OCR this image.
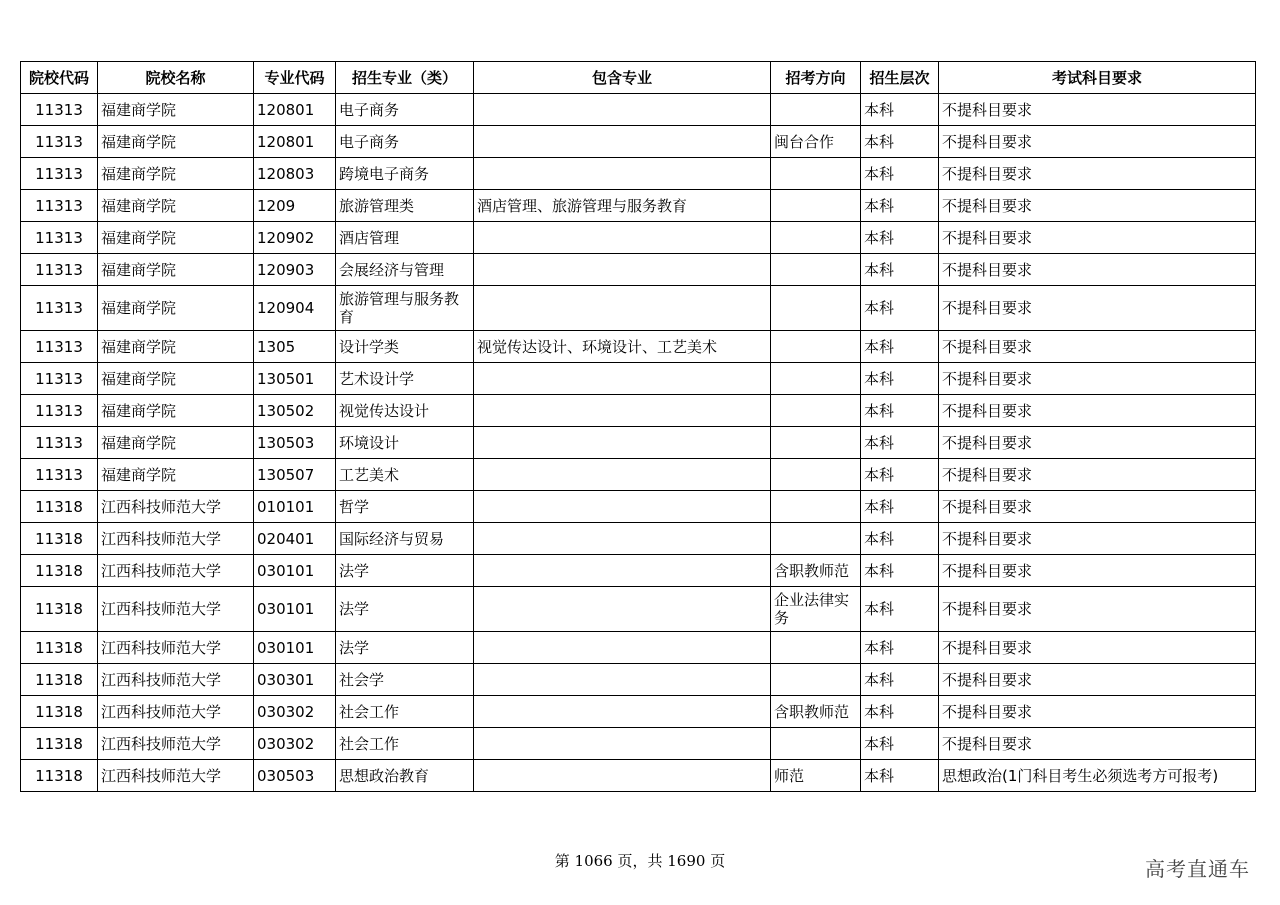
院校代码	院校名称	专业代码	招生专业（类）	包含专业	招考方向	招生层次	考试科目要求
11313	福建商学院	120801	电子商务			本科	不提科目要求
11313	福建商学院	120801	电子商务		闽台合作	本科	不提科目要求
11313	福建商学院	120803	跨境电子商务			本科	不提科目要求
11313	福建商学院	1209	旅游管理类	酒店管理、旅游管理与服务教育		本科	不提科目要求
11313	福建商学院	120902	酒店管理			本科	不提科目要求
11313	福建商学院	120903	会展经济与管理			本科	不提科目要求
11313	福建商学院	120904	旅游管理与服务教育			本科	不提科目要求
11313	福建商学院	1305	设计学类	视觉传达设计、环境设计、工艺美术		本科	不提科目要求
11313	福建商学院	130501	艺术设计学			本科	不提科目要求
11313	福建商学院	130502	视觉传达设计			本科	不提科目要求
11313	福建商学院	130503	环境设计			本科	不提科目要求
11313	福建商学院	130507	工艺美术			本科	不提科目要求
11318	江西科技师范大学	010101	哲学			本科	不提科目要求
11318	江西科技师范大学	020401	国际经济与贸易			本科	不提科目要求
11318	江西科技师范大学	030101	法学		含职教师范	本科	不提科目要求
11318	江西科技师范大学	030101	法学		企业法律实务	本科	不提科目要求
11318	江西科技师范大学	030101	法学			本科	不提科目要求
11318	江西科技师范大学	030301	社会学			本科	不提科目要求
11318	江西科技师范大学	030302	社会工作		含职教师范	本科	不提科目要求
11318	江西科技师范大学	030302	社会工作			本科	不提科目要求
11318	江西科技师范大学	030503	思想政治教育		师范	本科	思想政治(1门科目考生必须选考方可报考)
第 1066 页，共 1690 页	高考直通车
